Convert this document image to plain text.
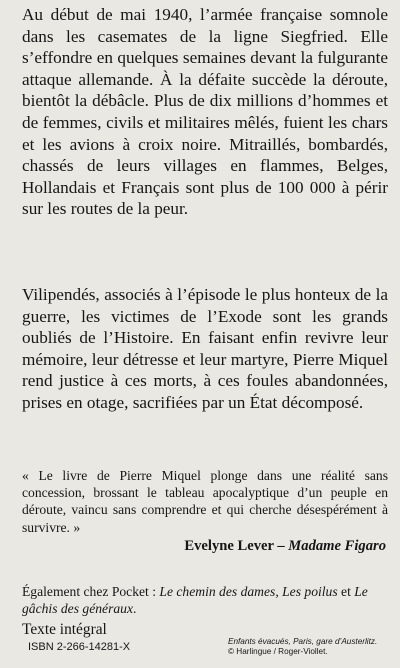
Au début de mai 1940, l’armée française somnole dans les casemates de la ligne Siegfried. Elle s’effondre en quelques semaines devant la fulgurante attaque allemande. À la défaite succède la déroute, bientôt la débâcle. Plus de dix millions d’hommes et de femmes, civils et militaires mêlés, fuient les chars et les avions à croix noire. Mitraillés, bombardés, chassés de leurs villages en flammes, Belges, Hollandais et Français sont plus de 100 000 à périr sur les routes de la peur.

Vilipendés, associés à l’épisode le plus honteux de la guerre, les victimes de l’Exode sont les grands oubliés de l’Histoire. En faisant enfin revivre leur mémoire, leur détresse et leur martyre, Pierre Miquel rend justice à ces morts, à ces foules abandonnées, prises en otage, sacrifiées par un État décomposé.

« Le livre de Pierre Miquel plonge dans une réalité sans concession, brossant le tableau apocalyptique d’un peuple en déroute, vaincu sans comprendre et qui cherche désespérément à survivre. »

Evelyne Lever – Madame Figaro

Également chez Pocket : Le chemin des dames, Les poilus et Le gâchis des généraux.

Texte intégral

ISBN 2-266-14281-X	Enfants évacués, Paris, gare d’Austerlitz.
© Harlingue / Roger-Viollet.
